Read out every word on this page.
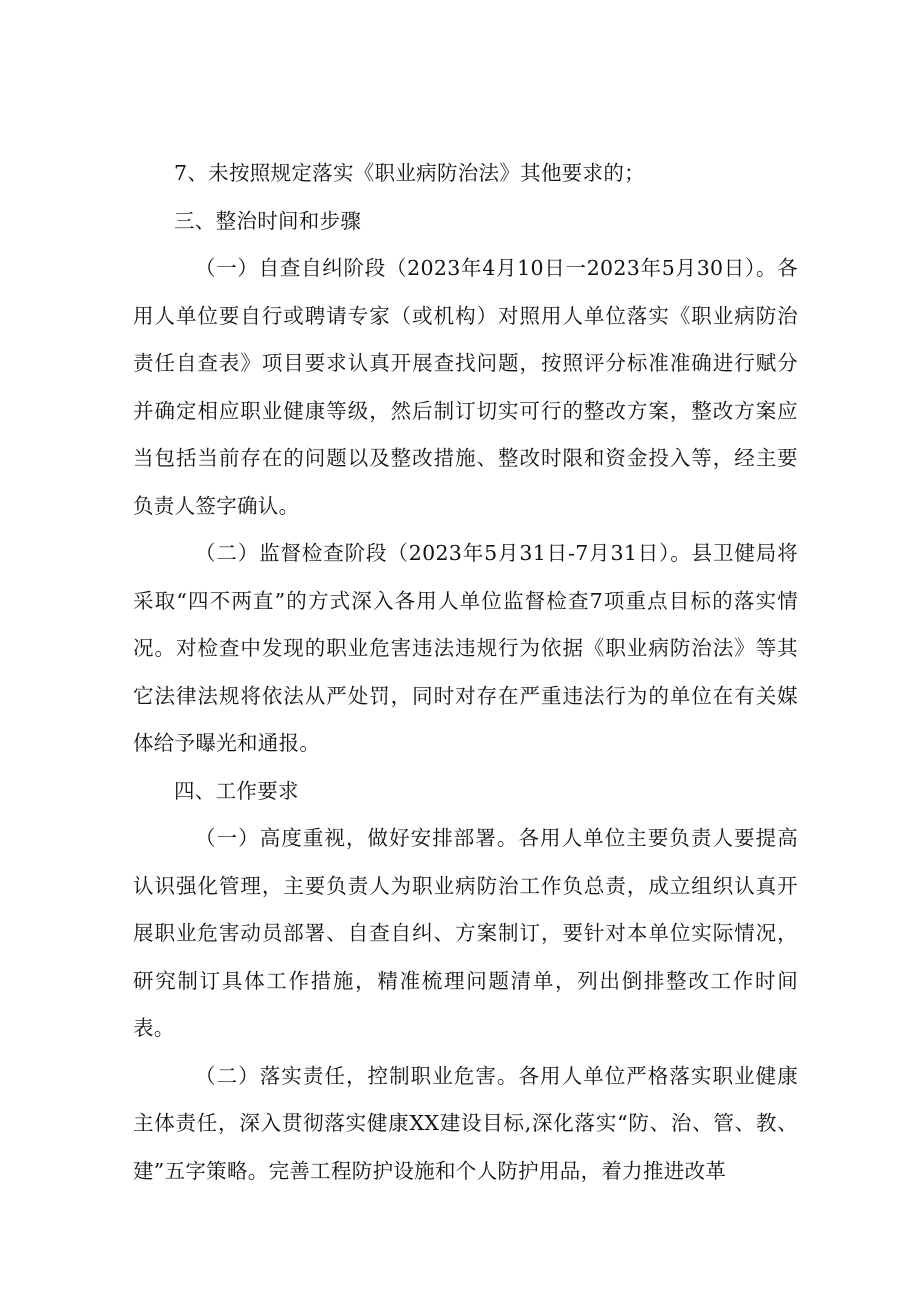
7、未按照规定落实《职业病防治法》其他要求的；

三、整治时间和步骤

（一）自查自纠阶段（2023年4月10日一2023年5月30日）。各用人单位要自行或聘请专家（或机构）对照用人单位落实《职业病防治责任自查表》项目要求认真开展查找问题，按照评分标准准确进行赋分并确定相应职业健康等级，然后制订切实可行的整改方案，整改方案应当包括当前存在的问题以及整改措施、整改时限和资金投入等，经主要负责人签字确认。

（二）监督检查阶段（2023年5月31日-7月31日）。县卫健局将采取“四不两直”的方式深入各用人单位监督检查7项重点目标的落实情况。对检查中发现的职业危害违法违规行为依据《职业病防治法》等其它法律法规将依法从严处罚，同时对存在严重违法行为的单位在有关媒体给予曝光和通报。

四、工作要求

（一）高度重视，做好安排部署。各用人单位主要负责人要提高认识强化管理，主要负责人为职业病防治工作负总责，成立组织认真开展职业危害动员部署、自查自纠、方案制订，要针对本单位实际情况，研究制订具体工作措施，精准梳理问题清单，列出倒排整改工作时间表。

（二）落实责任，控制职业危害。各用人单位严格落实职业健康主体责任，深入贯彻落实健康XX建设目标,深化落实“防、治、管、教、建”五字策略。完善工程防护设施和个人防护用品，着力推进改革
